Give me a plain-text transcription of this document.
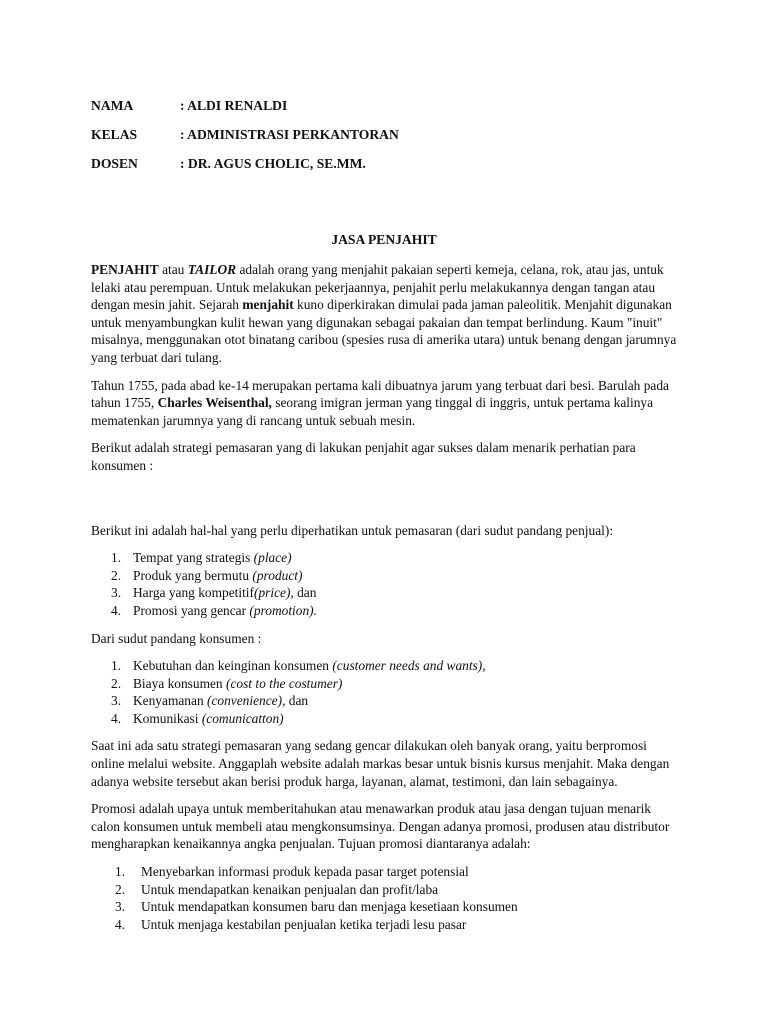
NAMA	: ALDI RENALDI
KELAS	: ADMINISTRASI PERKANTORAN
DOSEN	: DR. AGUS CHOLIC, SE.MM.
JASA PENJAHIT

PENJAHIT atau TAILOR adalah orang yang menjahit pakaian seperti kemeja, celana, rok, atau jas, untuk lelaki atau perempuan. Untuk melakukan pekerjaannya, penjahit perlu melakukannya dengan tangan atau dengan mesin jahit. Sejarah menjahit kuno diperkirakan dimulai pada jaman paleolitik. Menjahit digunakan untuk menyambungkan kulit hewan yang digunakan sebagai pakaian dan tempat berlindung. Kaum "inuit" misalnya, menggunakan otot binatang caribou (spesies rusa di amerika utara) untuk benang dengan jarumnya yang terbuat dari tulang.

Tahun 1755, pada abad ke-14 merupakan pertama kali dibuatnya jarum yang terbuat dari besi. Barulah pada tahun 1755, Charles Weisenthal, seorang imigran jerman yang tinggal di inggris, untuk pertama kalinya mematenkan jarumnya yang di rancang untuk sebuah mesin.

Berikut adalah strategi pemasaran yang di lakukan penjahit agar sukses dalam menarik perhatian para konsumen :

Berikut ini adalah hal-hal yang perlu diperhatikan untuk pemasaran (dari sudut pandang penjual):

1. Tempat yang strategis (place)
2. Produk yang bermutu (product)
3. Harga yang kompetitif(price), dan
4. Promosi yang gencar (promotion).

Dari sudut pandang konsumen :

1. Kebutuhan dan keinginan konsumen (customer needs and wants),
2. Biaya konsumen (cost to the costumer)
3. Kenyamanan (convenience), dan
4. Komunikasi (comunicatton)

Saat ini ada satu strategi pemasaran yang sedang gencar dilakukan oleh banyak orang, yaitu berpromosi online melalui website. Anggaplah website adalah markas besar untuk bisnis kursus menjahit. Maka dengan adanya website tersebut akan berisi produk harga, layanan, alamat, testimoni, dan lain sebagainya.

Promosi adalah upaya untuk memberitahukan atau menawarkan produk atau jasa dengan tujuan menarik calon konsumen untuk membeli atau mengkonsumsinya. Dengan adanya promosi, produsen atau distributor mengharapkan kenaikannya angka penjualan. Tujuan promosi diantaranya adalah:

1.	Menyebarkan informasi produk kepada pasar target potensial
2.	Untuk mendapatkan kenaikan penjualan dan profit/laba
3.	Untuk mendapatkan konsumen baru dan menjaga kesetiaan konsumen
4.	Untuk menjaga kestabilan penjualan ketika terjadi lesu pasar
